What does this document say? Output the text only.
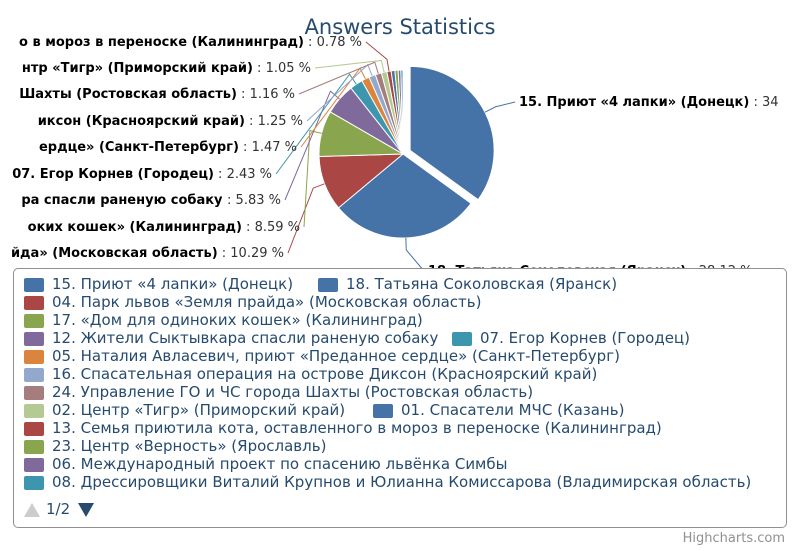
Answers Statistics
15. Приют «4 лапки» (Донецк) : 34
йда» (Московская область) : 10.29 %
оких кошек» (Калининград) : 8.59 %
ра спасли раненую собаку : 5.83 %
07. Егор Корнев (Городец) : 2.43 %
ердце» (Санкт-Петербург) : 1.47 %
иксон (Красноярский край) : 1.25 %
Шахты (Ростовская область) : 1.16 %
нтр «Тигр» (Приморский край) : 1.05 %
о в мороз в переноске (Калининград) : 0.78 %
15. Приют «4 лапки» (Донецк)	18. Татьяна Соколовская (Яранск)
04. Парк львов «Земля прайда» (Московская область)
17. «Дом для одиноких кошек» (Калининград)
12. Жители Сыктывкара спасли раненую собаку	07. Егор Корнев (Городец)
05. Наталия Авласевич, приют «Преданное сердце» (Санкт-Петербург)
16. Спасательная операция на острове Диксон (Красноярский край)
24. Управление ГО и ЧС города Шахты (Ростовская область)
02. Центр «Тигр» (Приморский край)	01. Спасатели МЧС (Казань)
13. Семья приютила кота, оставленного в мороз в переноске (Калининград)
23. Центр «Верность» (Ярославль)
06. Международный проект по спасению львёнка Симбы
08. Дрессировщики Виталий Крупнов и Юлианна Комиссарова (Владимирская область)
1/2
Highcharts.com
